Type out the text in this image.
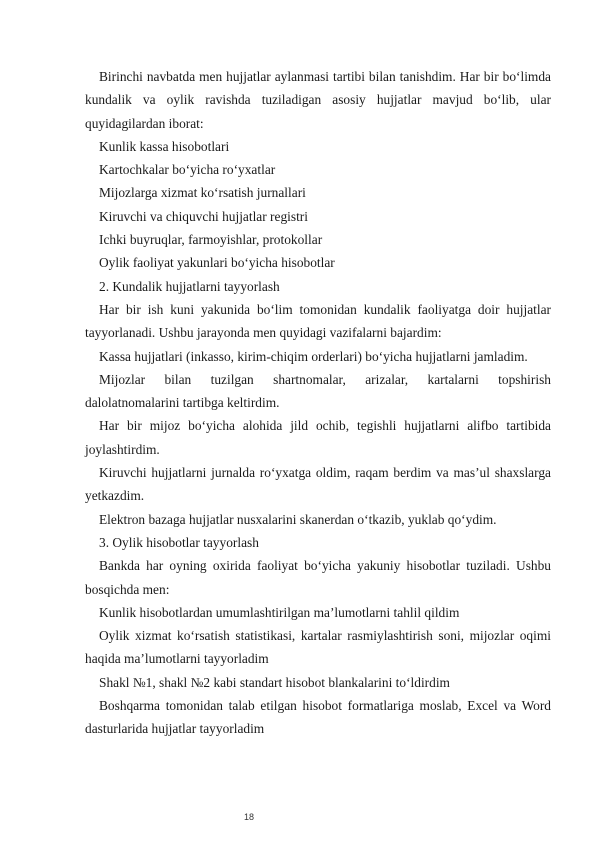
Birinchi navbatda men hujjatlar aylanmasi tartibi bilan tanishdim. Har bir bo‘limda kundalik va oylik ravishda tuziladigan asosiy hujjatlar mavjud bo‘lib, ular quyidagilardan iborat:

Kunlik kassa hisobotlari

Kartochkalar bo‘yicha ro‘yxatlar

Mijozlarga xizmat ko‘rsatish jurnallari

Kiruvchi va chiquvchi hujjatlar registri

Ichki buyruqlar, farmoyishlar, protokollar

Oylik faoliyat yakunlari bo‘yicha hisobotlar

2. Kundalik hujjatlarni tayyorlash

Har bir ish kuni yakunida bo‘lim tomonidan kundalik faoliyatga doir hujjatlar tayyorlanadi. Ushbu jarayonda men quyidagi vazifalarni bajardim:

Kassa hujjatlari (inkasso, kirim-chiqim orderlari) bo‘yicha hujjatlarni jamladim.

Mijozlar bilan tuzilgan shartnomalar, arizalar, kartalarni topshirish dalolatnomalarini tartibga keltirdim.

Har bir mijoz bo‘yicha alohida jild ochib, tegishli hujjatlarni alifbo tartibida joylashtirdim.

Kiruvchi hujjatlarni jurnalda ro‘yxatga oldim, raqam berdim va mas’ul shaxslarga yetkazdim.

Elektron bazaga hujjatlar nusxalarini skanerdan o‘tkazib, yuklab qo‘ydim.

3. Oylik hisobotlar tayyorlash

Bankda har oyning oxirida faoliyat bo‘yicha yakuniy hisobotlar tuziladi. Ushbu bosqichda men:

Kunlik hisobotlardan umumlashtirilgan ma’lumotlarni tahlil qildim

Oylik xizmat ko‘rsatish statistikasi, kartalar rasmiylashtirish soni, mijozlar oqimi haqida ma’lumotlarni tayyorladim

Shakl №1, shakl №2 kabi standart hisobot blankalarini to‘ldirdim

Boshqarma tomonidan talab etilgan hisobot formatlariga moslab, Excel va Word dasturlarida hujjatlar tayyorladim

18
